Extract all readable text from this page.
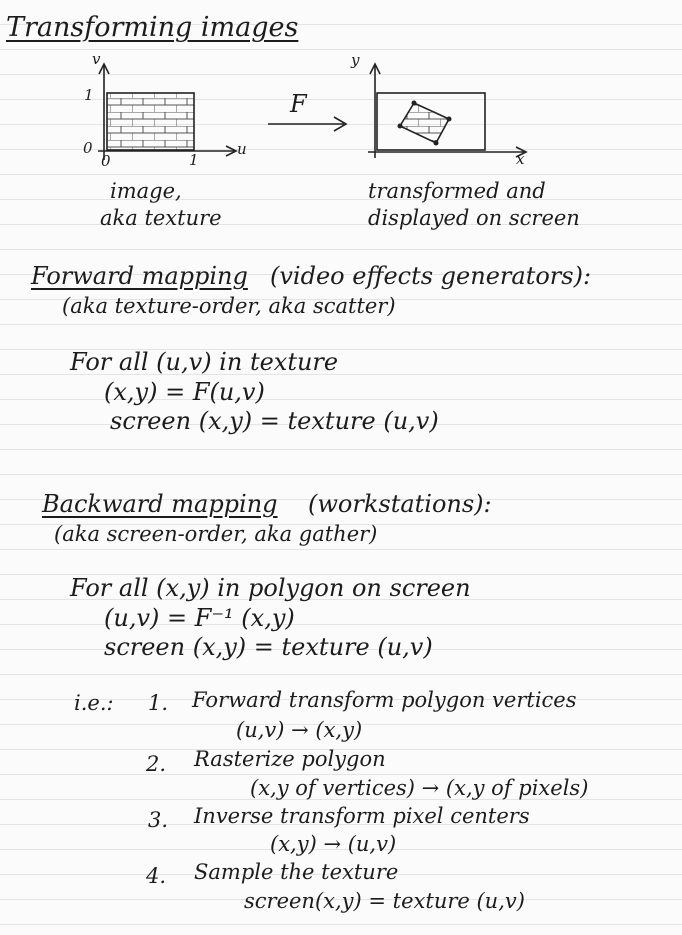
Transforming images
v
1
0
0	1
u
F
y
x
image,
aka texture
transformed and
displayed on screen
Forward mapping (video effects generators):
(aka texture-order, aka scatter)
For all (u,v) in texture
(x,y) = F(u,v)
screen (x,y) = texture (u,v)
Backward mapping (workstations):
(aka screen-order, aka gather)
For all (x,y) in polygon on screen
(u,v) = F⁻¹ (x,y)
screen (x,y) = texture (u,v)
i.e.: 1. Forward transform polygon vertices
(u,v) → (x,y)
2. Rasterize polygon
(x,y of vertices) → (x,y of pixels)
3. Inverse transform pixel centers
(x,y) → (u,v)
4. Sample the texture
screen(x,y) = texture (u,v)
